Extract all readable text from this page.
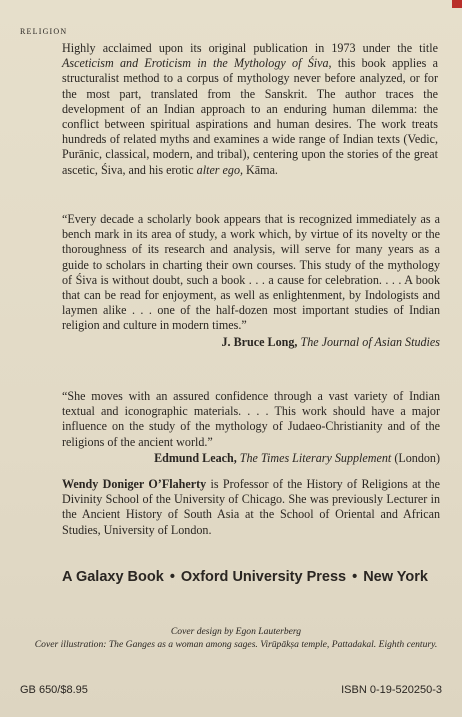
RELIGION
Highly acclaimed upon its original publication in 1973 under the title Asceticism and Eroticism in the Mythology of Śiva, this book applies a structuralist method to a corpus of mythology never before analyzed, or for the most part, translated from the Sanskrit. The author traces the development of an Indian approach to an enduring human dilemma: the conflict between spiritual aspirations and human desires. The work treats hundreds of related myths and examines a wide range of Indian texts (Vedic, Purānic, classical, modern, and tribal), centering upon the stories of the great ascetic, Śiva, and his erotic alter ego, Kāma.
“Every decade a scholarly book appears that is recognized immediately as a bench mark in its area of study, a work which, by virtue of its novelty or the thoroughness of its research and analysis, will serve for many years as a guide to scholars in charting their own courses. This study of the mythology of Śiva is without doubt, such a book . . . a cause for celebration. . . . A book that can be read for enjoyment, as well as enlightenment, by Indologists and laymen alike . . . one of the half-dozen most important studies of Indian religion and culture in modern times.”
J. Bruce Long, The Journal of Asian Studies
“She moves with an assured confidence through a vast variety of Indian textual and iconographic materials. . . . This work should have a major influence on the study of the mythology of Judaeo-Christianity and of the religions of the ancient world.”
Edmund Leach, The Times Literary Supplement (London)
Wendy Doniger O’Flaherty is Professor of the History of Religions at the Divinity School of the University of Chicago. She was previously Lecturer in the Ancient History of South Asia at the School of Oriental and African Studies, University of London.
A Galaxy Book • Oxford University Press • New York
Cover design by Egon Lauterberg
Cover illustration: The Ganges as a woman among sages. Virūpākṣa temple, Pattadakal. Eighth century.
GB 650/$8.95	ISBN 0-19-520250-3
